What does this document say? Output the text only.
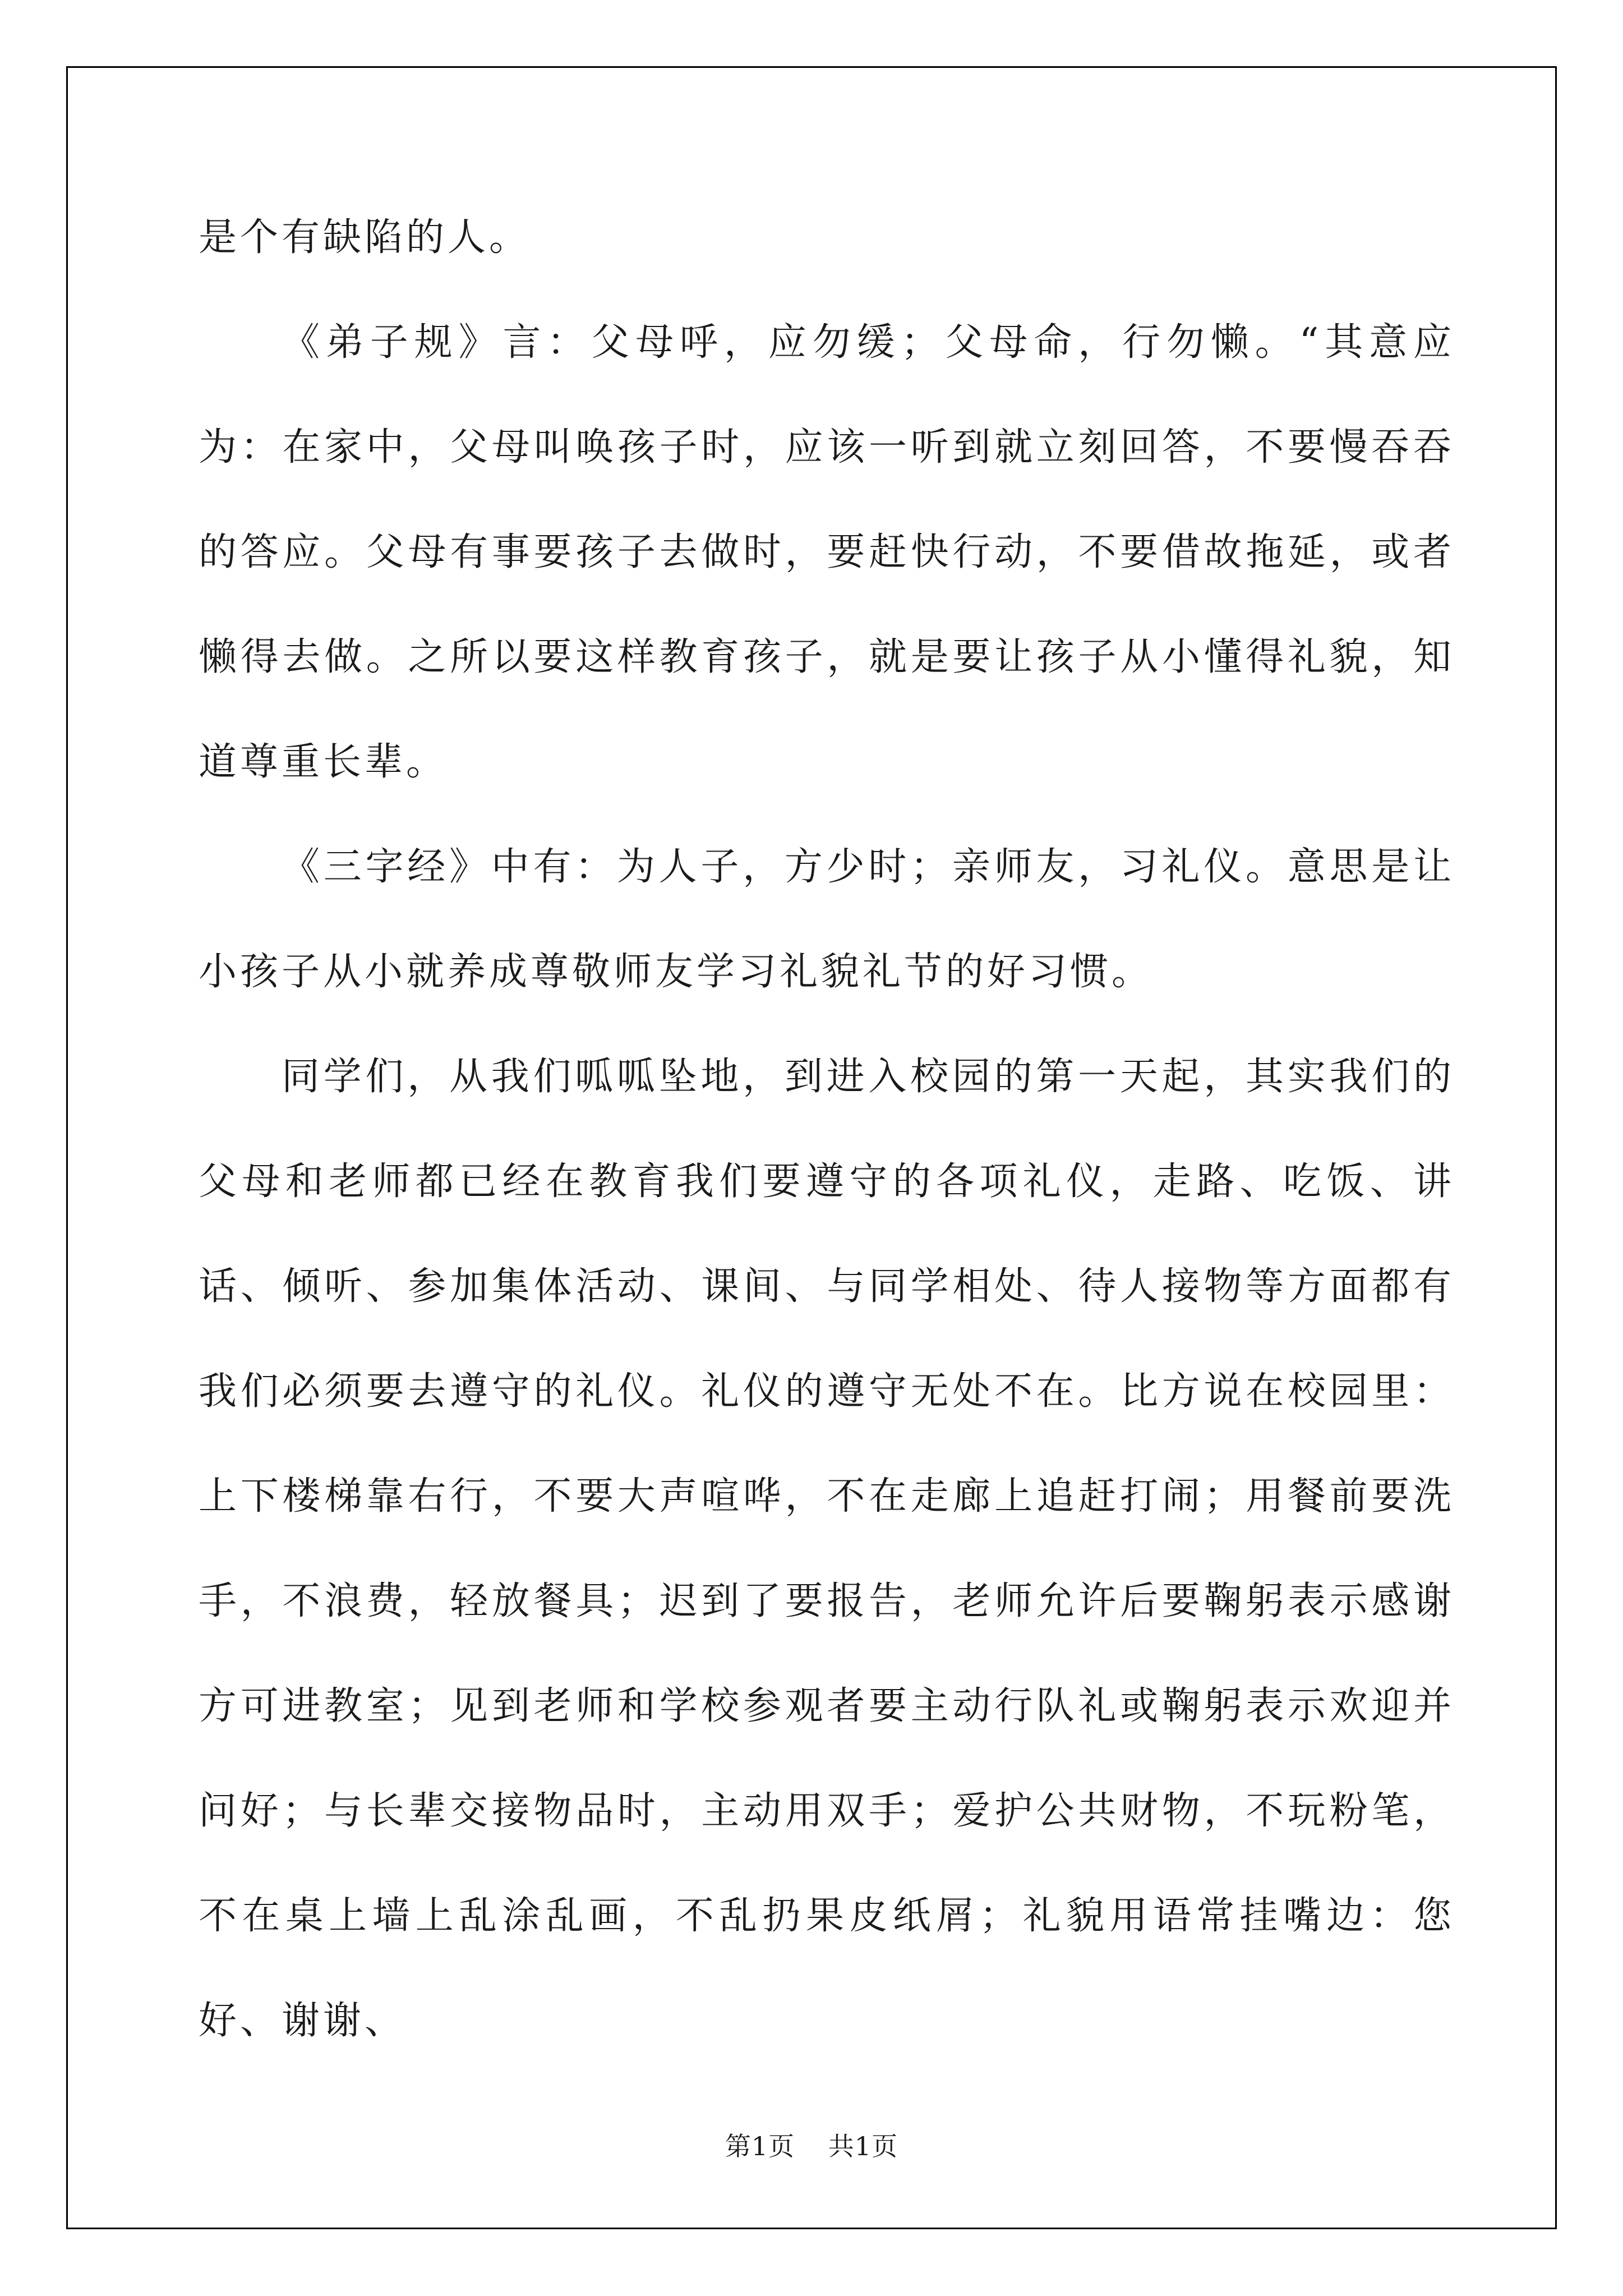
是个有缺陷的人。

《弟子规》言：父母呼，应勿缓；父母命，行勿懒。“其意应为：在家中，父母叫唤孩子时，应该一听到就立刻回答，不要慢吞吞的答应。父母有事要孩子去做时，要赶快行动，不要借故拖延，或者懒得去做。之所以要这样教育孩子，就是要让孩子从小懂得礼貌，知道尊重长辈。

《三字经》中有：为人子，方少时；亲师友，习礼仪。意思是让小孩子从小就养成尊敬师友学习礼貌礼节的好习惯。

同学们，从我们呱呱坠地，到进入校园的第一天起，其实我们的父母和老师都已经在教育我们要遵守的各项礼仪，走路、吃饭、讲话、倾听、参加集体活动、课间、与同学相处、待人接物等方面都有我们必须要去遵守的礼仪。礼仪的遵守无处不在。比方说在校园里：上下楼梯靠右行，不要大声喧哗，不在走廊上追赶打闹；用餐前要洗手，不浪费，轻放餐具；迟到了要报告，老师允许后要鞠躬表示感谢方可进教室；见到老师和学校参观者要主动行队礼或鞠躬表示欢迎并问好；与长辈交接物品时，主动用双手；爱护公共财物，不玩粉笔，不在桌上墙上乱涂乱画，不乱扔果皮纸屑；礼貌用语常挂嘴边：您好、谢谢、

第1页 共1页
